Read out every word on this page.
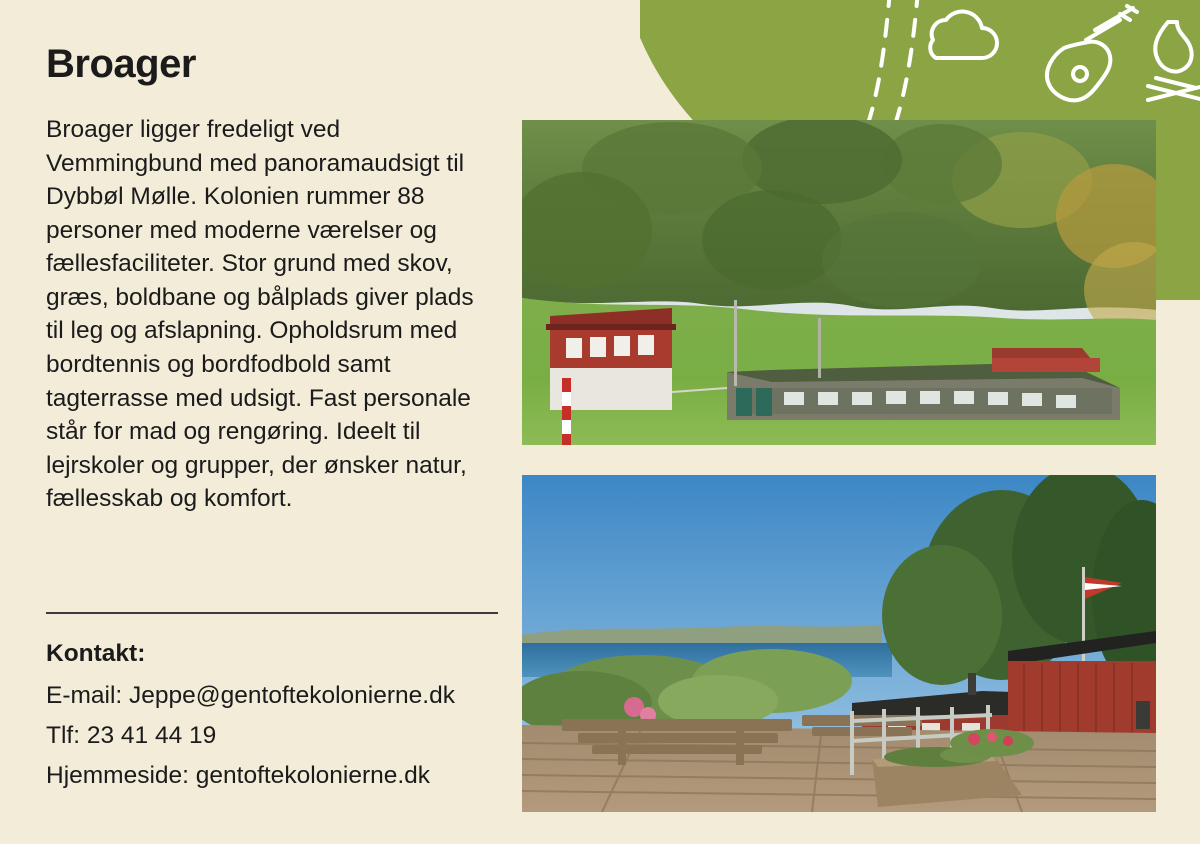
Broager

Broager ligger fredeligt ved Vemmingbund med panoramaudsigt til Dybbøl Mølle. Kolonien rummer 88 personer med moderne værelser og fællesfaciliteter. Stor grund med skov, græs, boldbane og bålplads giver plads til leg og afslapning. Opholdsrum med bordtennis og bordfodbold samt tagterrasse med udsigt. Fast personale står for mad og rengøring. Ideelt til lejrskoler og grupper, der ønsker natur, fællesskab og komfort.

Kontakt:
E-mail: Jeppe@gentoftekolonierne.dk
Tlf: 23 41 44 19
Hjemmeside: gentoftekolonierne.dk
